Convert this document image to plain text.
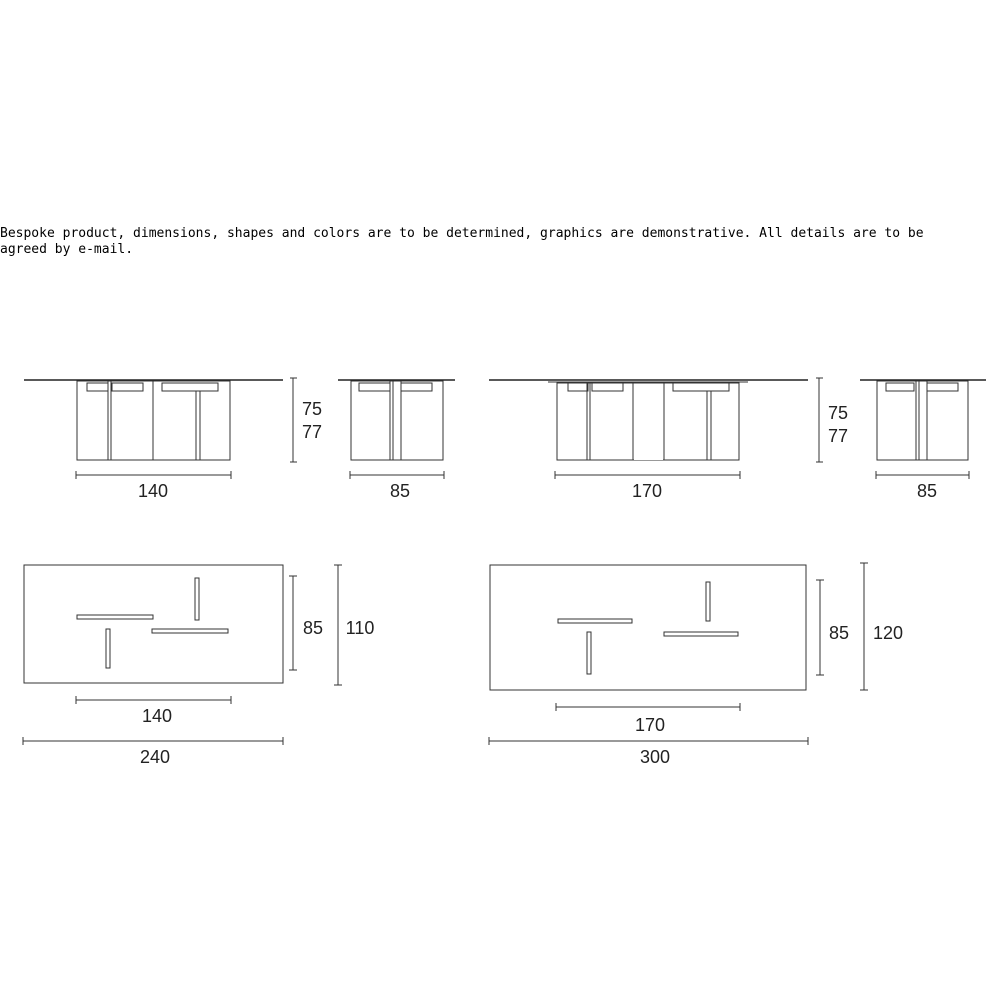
Bespoke product, dimensions, shapes and colors are to be determined, graphics are demonstrative. All details are to be agreed by e-mail.
75
77
140	85
75
77
170	85
85 110
140
240
85 120
170
300
